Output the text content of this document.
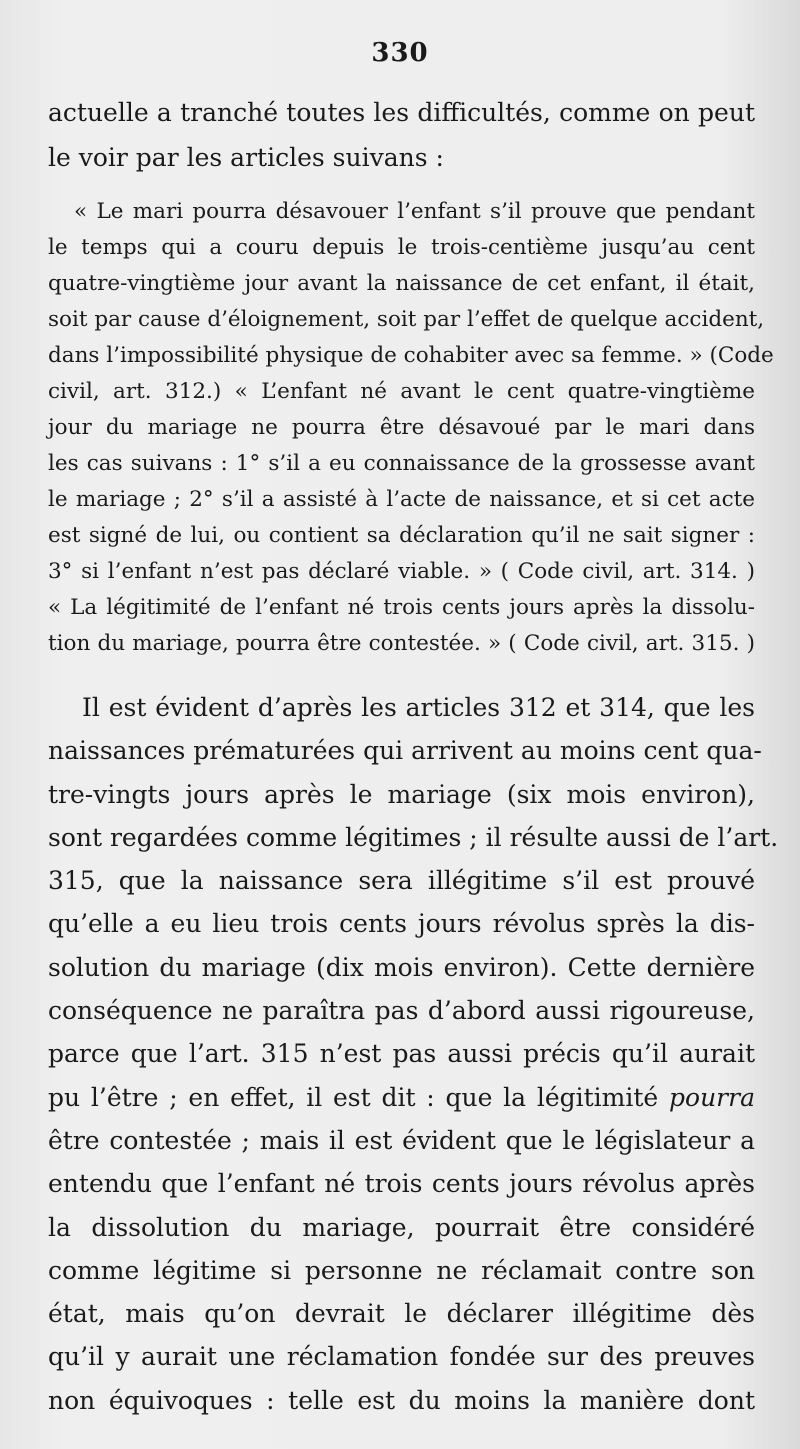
330
actuelle a tranché toutes les difficultés, comme on peut
le voir par les articles suivans :
« Le mari pourra désavouer l’enfant s’il prouve que pendant
le temps qui a couru depuis le trois-centième jusqu’au cent
quatre-vingtième jour avant la naissance de cet enfant, il était,
soit par cause d’éloignement, soit par l’effet de quelque accident,
dans l’impossibilité physique de cohabiter avec sa femme. » (Code
civil, art. 312.) « L’enfant né avant le cent quatre-vingtième
jour du mariage ne pourra être désavoué par le mari dans
les cas suivans : 1° s’il a eu connaissance de la grossesse avant
le mariage ; 2° s’il a assisté à l’acte de naissance, et si cet acte
est signé de lui, ou contient sa déclaration qu’il ne sait signer :
3° si l’enfant n’est pas déclaré viable. » ( Code civil, art. 314. )
« La légitimité de l’enfant né trois cents jours après la dissolu-
tion du mariage, pourra être contestée. » ( Code civil, art. 315. )
Il est évident d’après les articles 312 et 314, que les
naissances prématurées qui arrivent au moins cent qua-
tre-vingts jours après le mariage (six mois environ),
sont regardées comme légitimes ; il résulte aussi de l’art.
315, que la naissance sera illégitime s’il est prouvé
qu’elle a eu lieu trois cents jours révolus sprès la dis-
solution du mariage (dix mois environ). Cette dernière
conséquence ne paraîtra pas d’abord aussi rigoureuse,
parce que l’art. 315 n’est pas aussi précis qu’il aurait
pu l’être ; en effet, il est dit : que la légitimité pourra
être contestée ; mais il est évident que le législateur a
entendu que l’enfant né trois cents jours révolus après
la dissolution du mariage, pourrait être considéré
comme légitime si personne ne réclamait contre son
état, mais qu’on devrait le déclarer illégitime dès
qu’il y aurait une réclamation fondée sur des preuves
non équivoques : telle est du moins la manière dont
